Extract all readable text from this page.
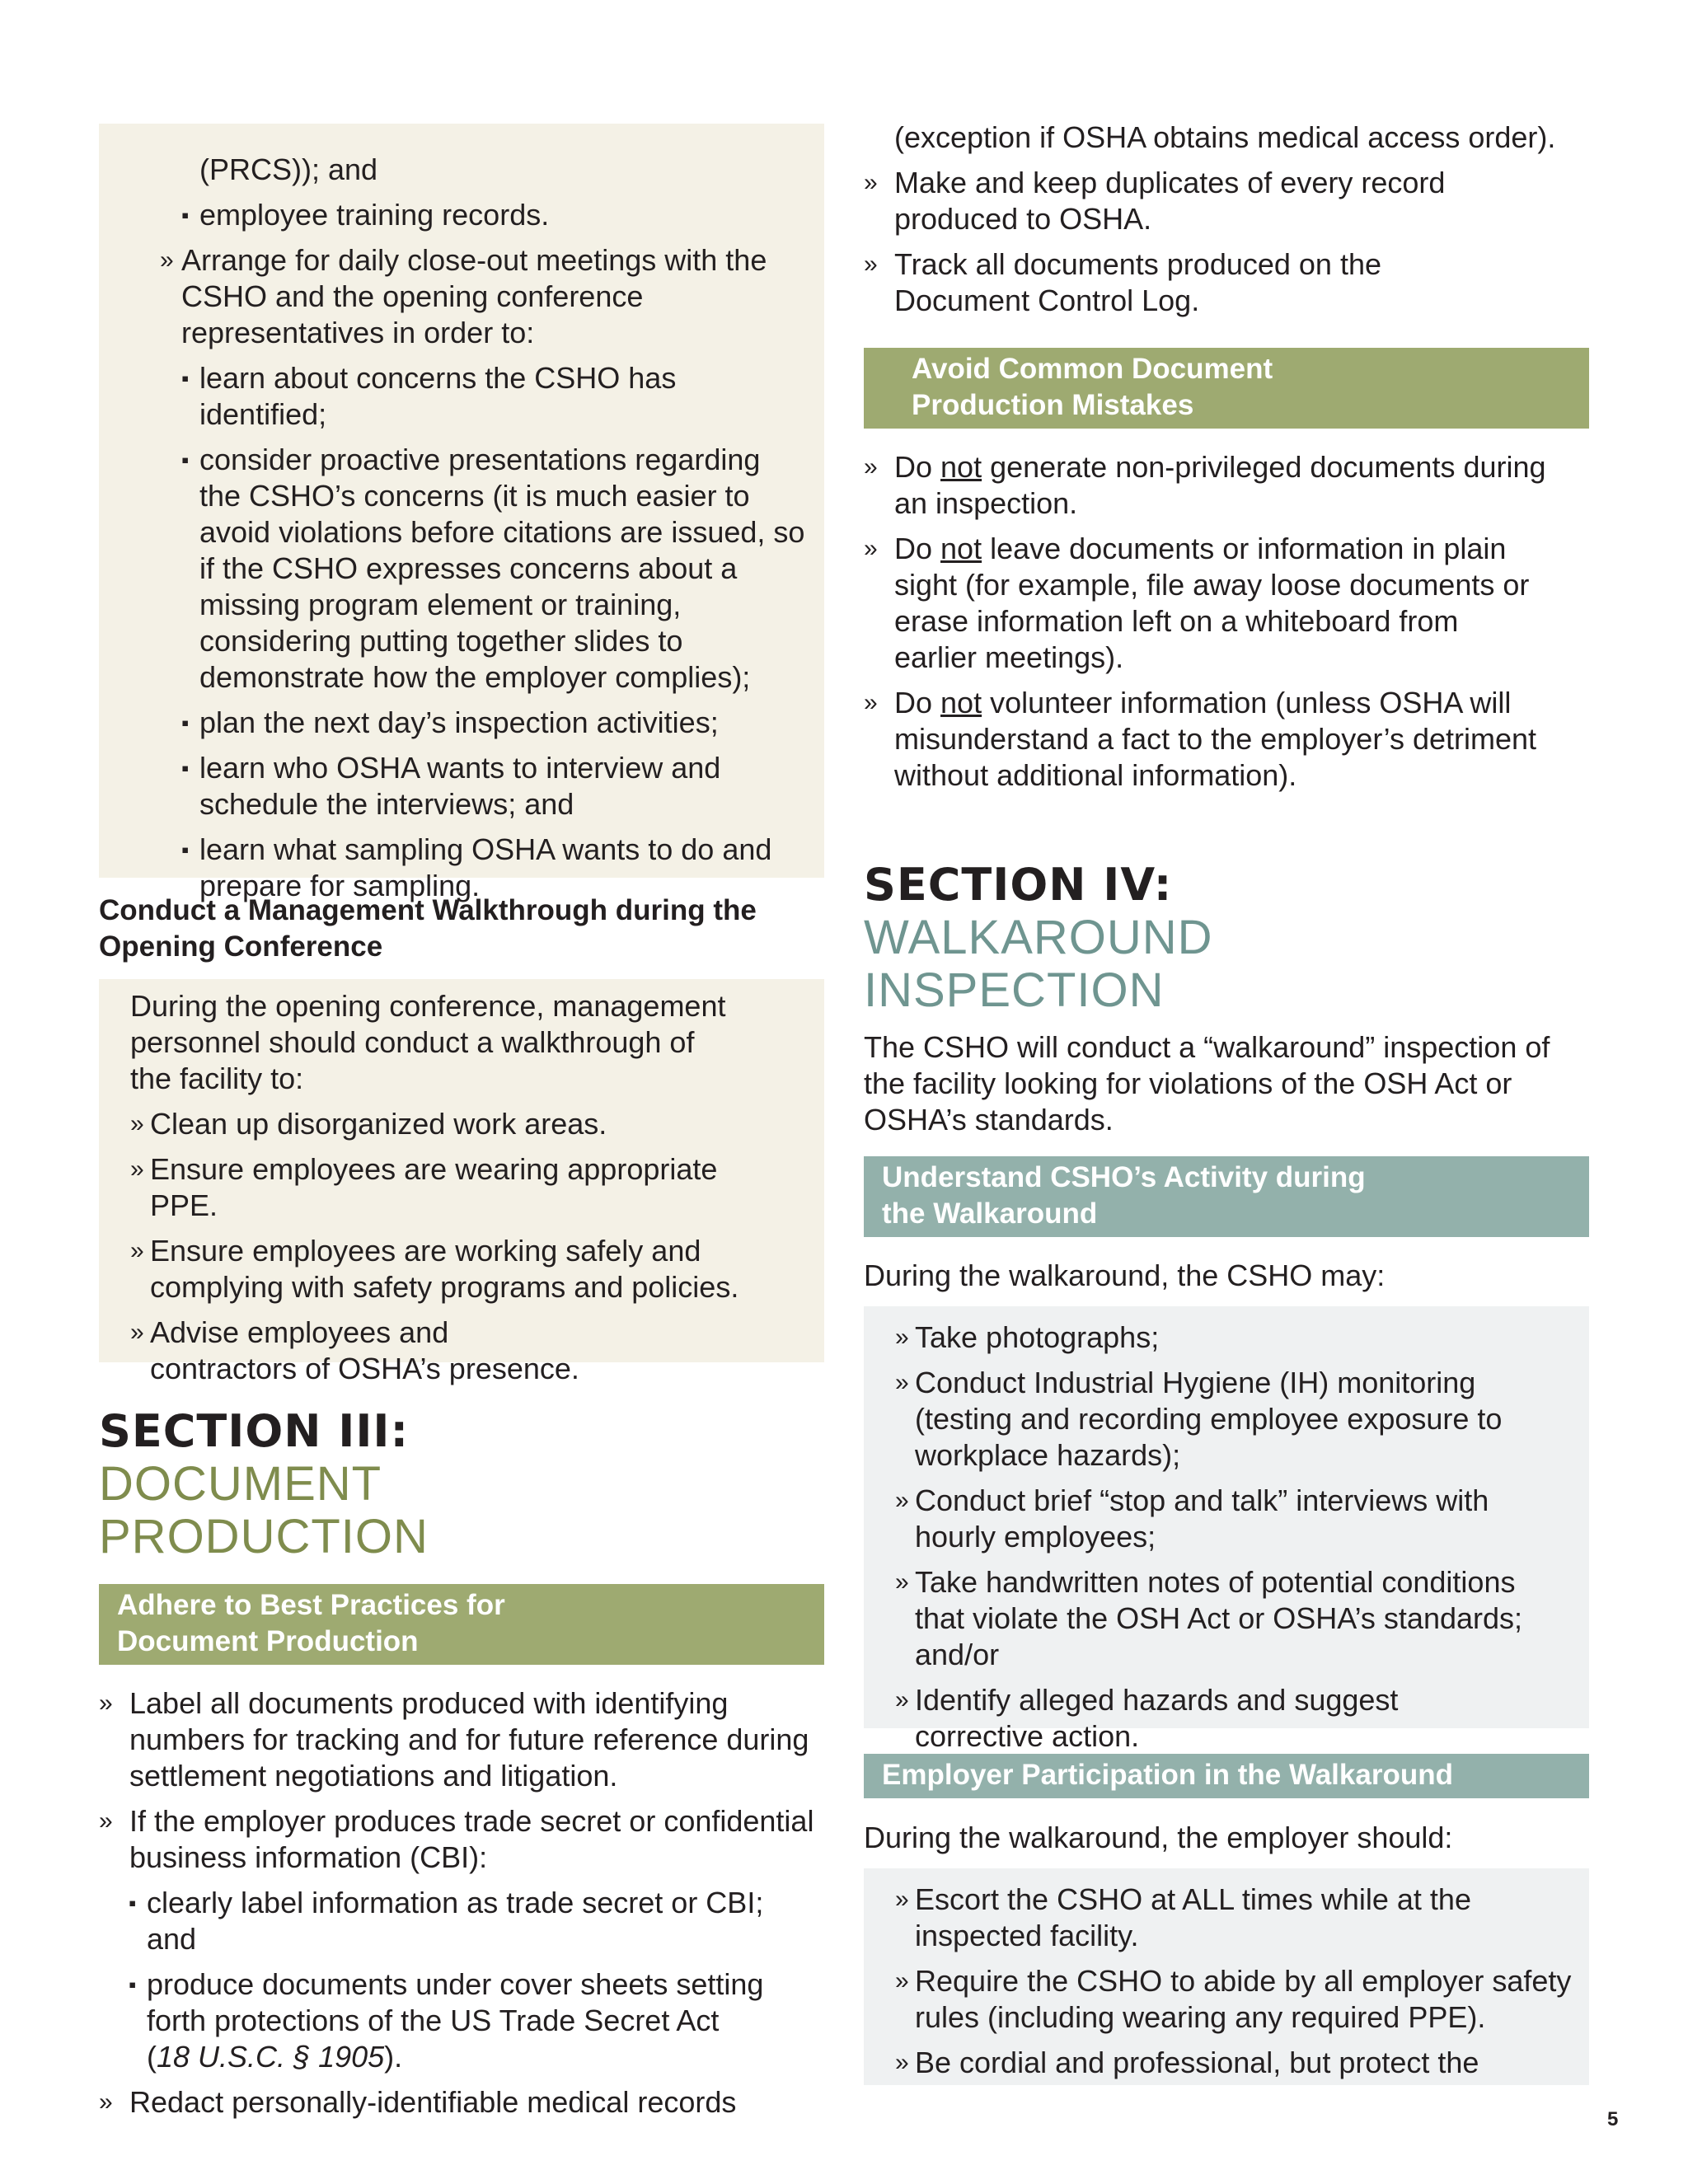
(PRCS)); and
▪ employee training records.
» Arrange for daily close-out meetings with the CSHO and the opening conference representatives in order to:
▪ learn about concerns the CSHO has identified;
▪ consider proactive presentations regarding the CSHO’s concerns (it is much easier to avoid violations before citations are issued, so if the CSHO expresses concerns about a missing program element or training, considering putting together slides to demonstrate how the employer complies);
▪ plan the next day’s inspection activities;
▪ learn who OSHA wants to interview and schedule the interviews; and
▪ learn what sampling OSHA wants to do and prepare for sampling.
Conduct a Management Walkthrough during the Opening Conference
During the opening conference, management personnel should conduct a walkthrough of the facility to:
» Clean up disorganized work areas.
» Ensure employees are wearing appropriate PPE.
» Ensure employees are working safely and complying with safety programs and policies.
» Advise employees and contractors of OSHA’s presence.
SECTION III:
DOCUMENT
PRODUCTION
Adhere to Best Practices for
Document Production
» Label all documents produced with identifying numbers for tracking and for future reference during settlement negotiations and litigation.
» If the employer produces trade secret or confidential business information (CBI):
▪ clearly label information as trade secret or CBI; and
▪ produce documents under cover sheets setting forth protections of the US Trade Secret Act (18 U.S.C. § 1905).
» Redact personally-identifiable medical records
(exception if OSHA obtains medical access order).
» Make and keep duplicates of every record produced to OSHA.
» Track all documents produced on the Document Control Log.
Avoid Common Document
Production Mistakes
» Do not generate non-privileged documents during an inspection.
» Do not leave documents or information in plain sight (for example, file away loose documents or erase information left on a whiteboard from earlier meetings).
» Do not volunteer information (unless OSHA will misunderstand a fact to the employer’s detriment without additional information).
SECTION IV:
WALKAROUND
INSPECTION
The CSHO will conduct a “walkaround” inspection of the facility looking for violations of the OSH Act or OSHA’s standards.
Understand CSHO’s Activity during
the Walkaround
During the walkaround, the CSHO may:
» Take photographs;
» Conduct Industrial Hygiene (IH) monitoring (testing and recording employee exposure to workplace hazards);
» Conduct brief “stop and talk” interviews with hourly employees;
» Take handwritten notes of potential conditions that violate the OSH Act or OSHA’s standards; and/or
» Identify alleged hazards and suggest corrective action.
Employer Participation in the Walkaround
During the walkaround, the employer should:
» Escort the CSHO at ALL times while at the inspected facility.
» Require the CSHO to abide by all employer safety rules (including wearing any required PPE).
» Be cordial and professional, but protect the
5
